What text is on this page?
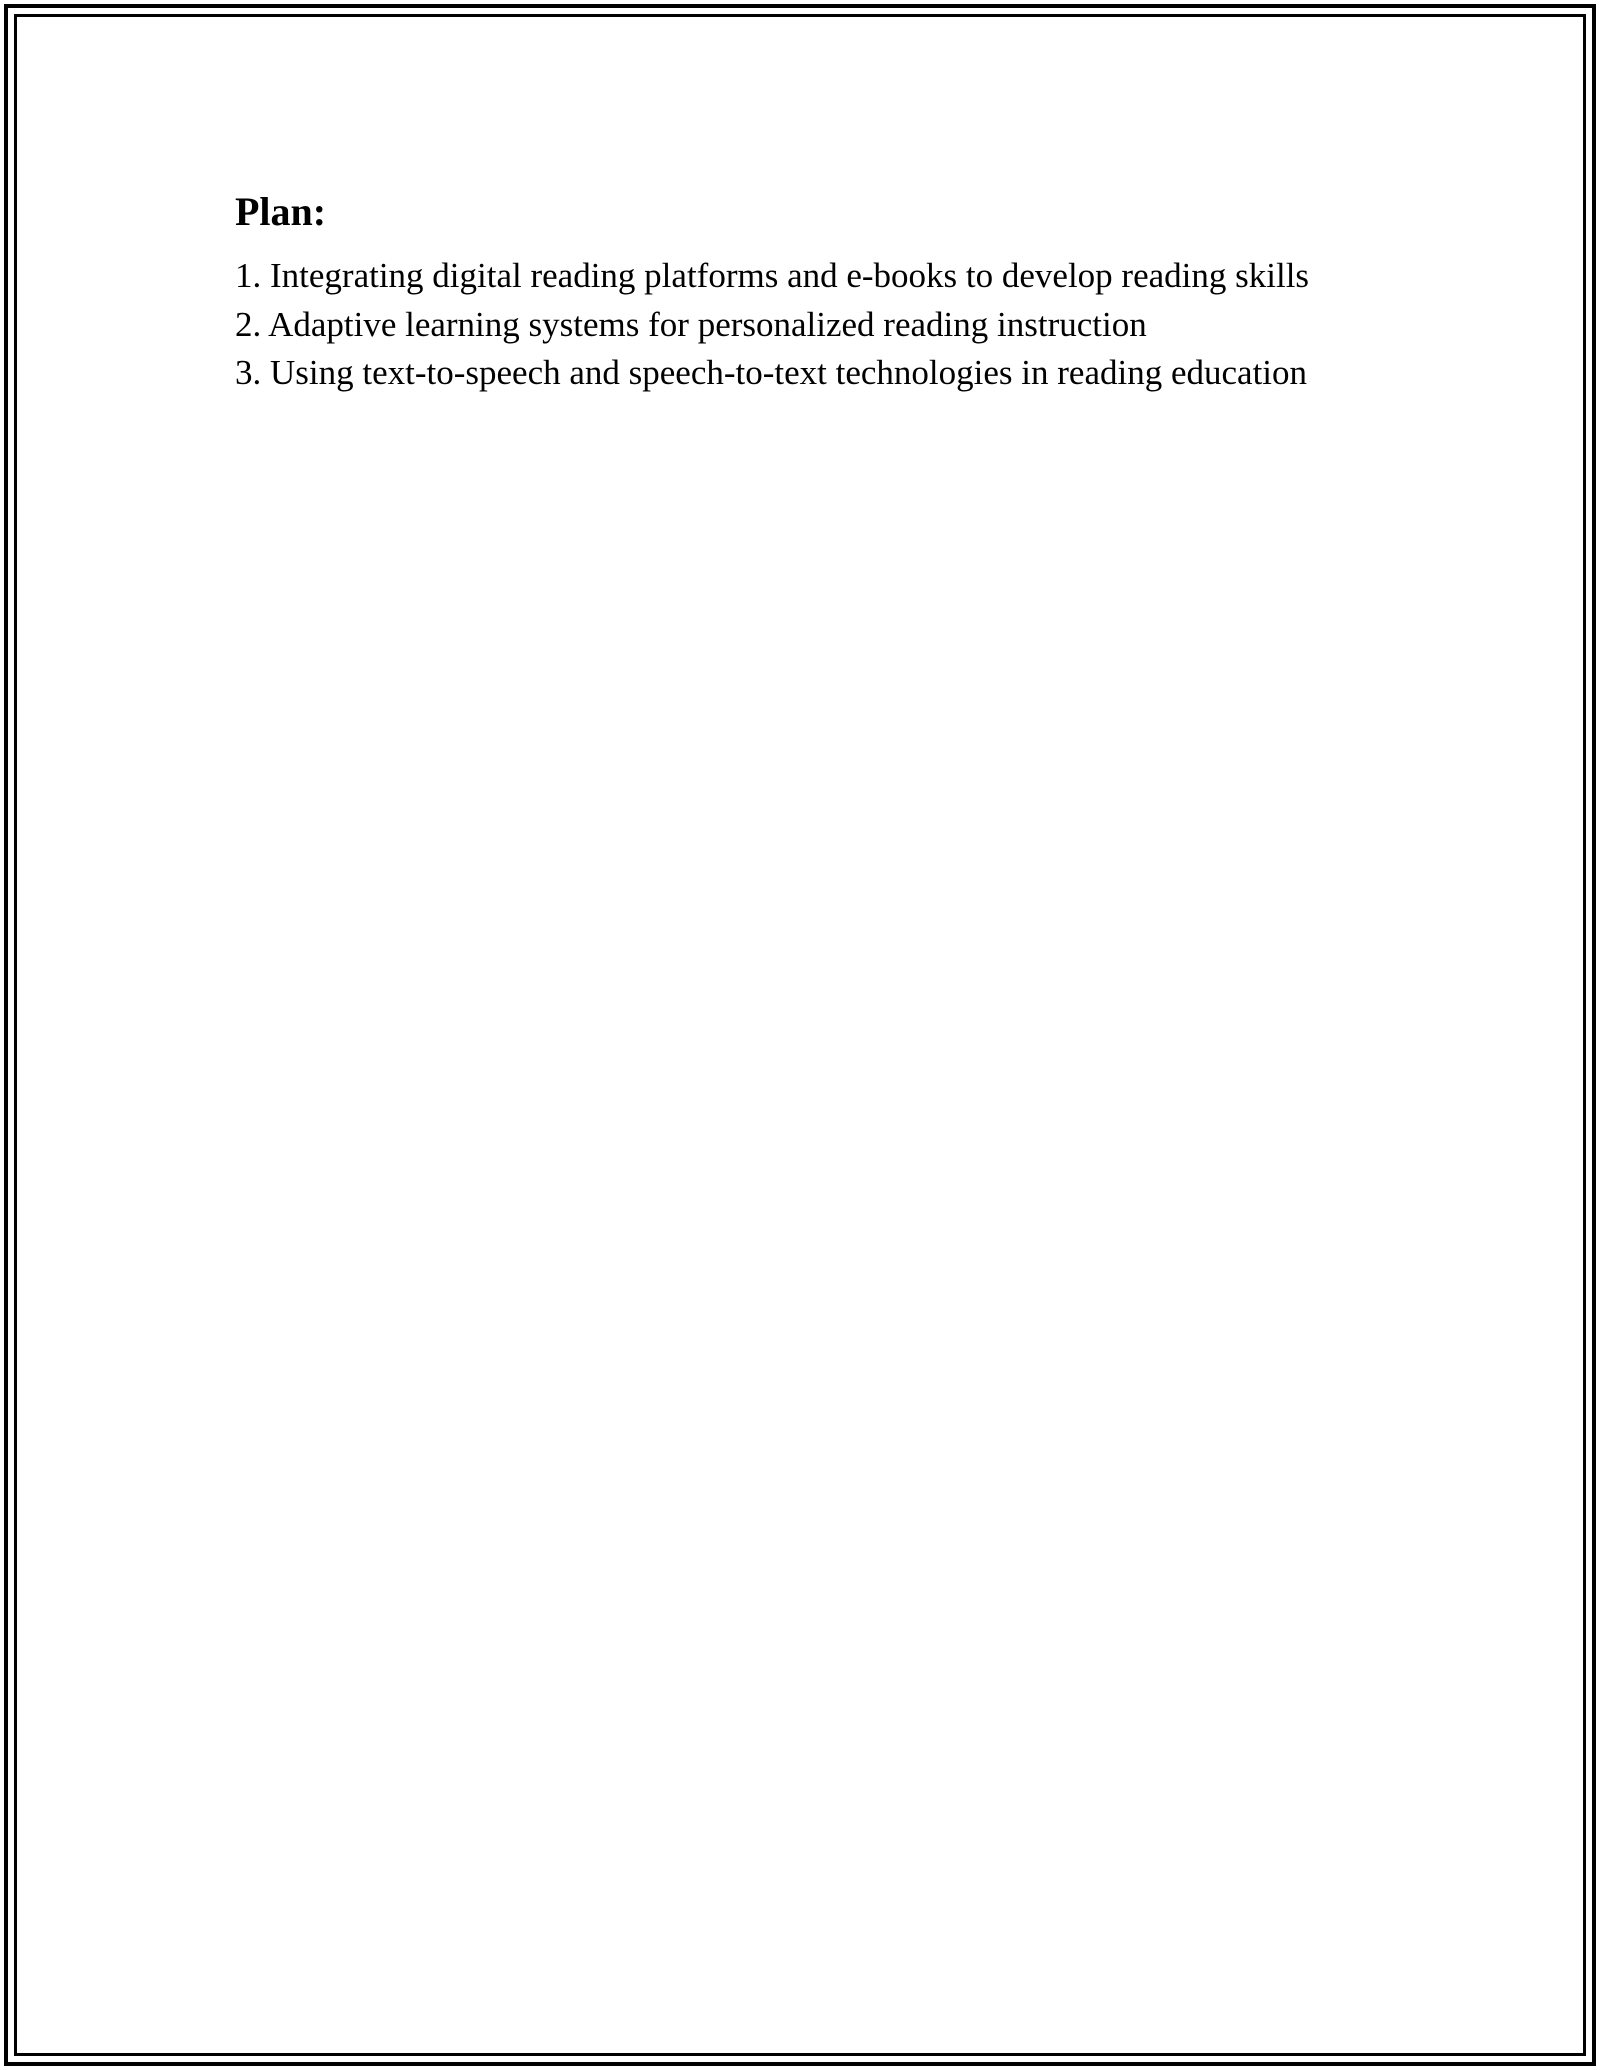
Plan:
1. Integrating digital reading platforms and e-books to develop reading skills
2. Adaptive learning systems for personalized reading instruction
3. Using text-to-speech and speech-to-text technologies in reading education
